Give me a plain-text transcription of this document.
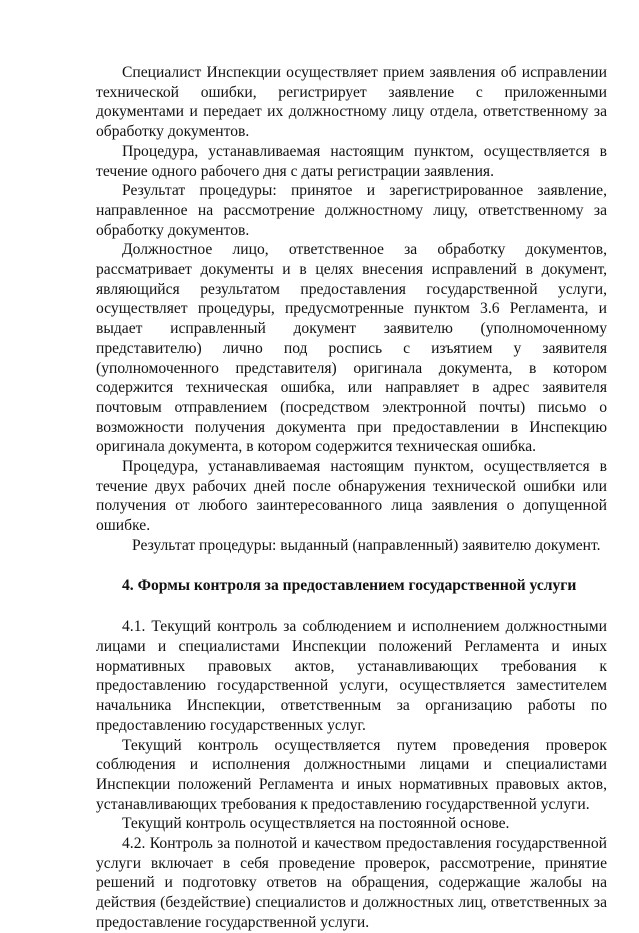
Специалист Инспекции осуществляет прием заявления об исправлении технической ошибки, регистрирует заявление с приложенными документами и передает их должностному лицу отдела, ответственному за обработку документов.

Процедура, устанавливаемая настоящим пунктом, осуществляется в течение одного рабочего дня с даты регистрации заявления.

Результат процедуры: принятое и зарегистрированное заявление, направленное на рассмотрение должностному лицу, ответственному за обработку документов.

Должностное лицо, ответственное за обработку документов, рассматривает документы и в целях внесения исправлений в документ, являющийся результатом предоставления государственной услуги, осуществляет процедуры, предусмотренные пунктом 3.6 Регламента, и выдает исправленный документ заявителю (уполномоченному представителю) лично под роспись с изъятием у заявителя (уполномоченного представителя) оригинала документа, в котором содержится техническая ошибка, или направляет в адрес заявителя почтовым отправлением (посредством электронной почты) письмо о возможности получения документа при предоставлении в Инспекцию оригинала документа, в котором содержится техническая ошибка.

Процедура, устанавливаемая настоящим пунктом, осуществляется в течение двух рабочих дней после обнаружения технической ошибки или получения от любого заинтересованного лица заявления о допущенной ошибке.

Результат процедуры: выданный (направленный) заявителю документ.

4. Формы контроля за предоставлением государственной услуги

4.1. Текущий контроль за соблюдением и исполнением должностными лицами и специалистами Инспекции положений Регламента и иных нормативных правовых актов, устанавливающих требования к предоставлению государственной услуги, осуществляется заместителем начальника Инспекции, ответственным за организацию работы по предоставлению государственных услуг.

Текущий контроль осуществляется путем проведения проверок соблюдения и исполнения должностными лицами и специалистами Инспекции положений Регламента и иных нормативных правовых актов, устанавливающих требования к предоставлению государственной услуги.

Текущий контроль осуществляется на постоянной основе.

4.2. Контроль за полнотой и качеством предоставления государственной услуги включает в себя проведение проверок, рассмотрение, принятие решений и подготовку ответов на обращения, содержащие жалобы на действия (бездействие) специалистов и должностных лиц, ответственных за предоставление государственной услуги.
